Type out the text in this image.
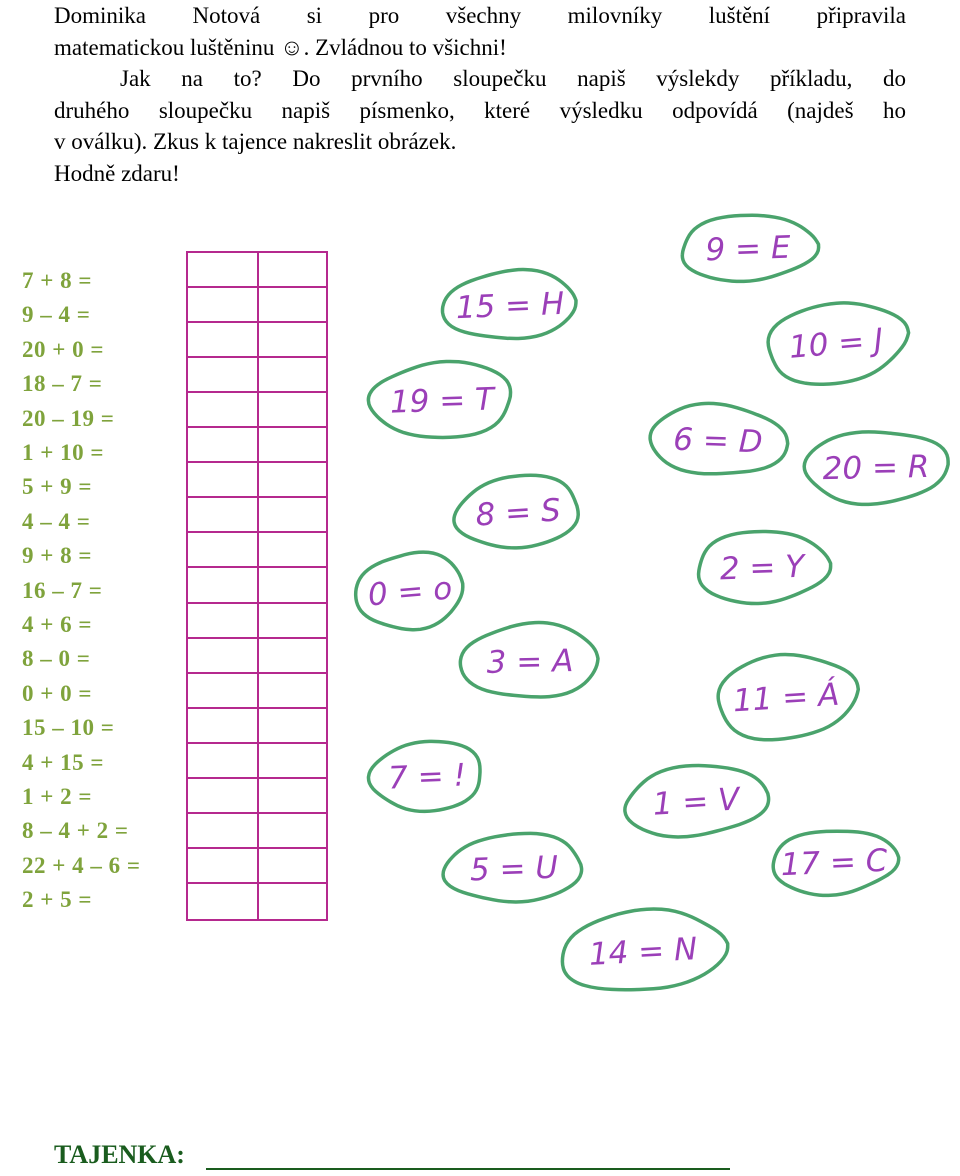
Dominika Notová si pro všechny milovníky luštění připravila
matematickou luštěninu ☺. Zvládnou to všichni!
Jak na to? Do prvního sloupečku napiš výslekdy příkladu, do
druhého sloupečku napiš písmenko, které výsledku odpovídá (najdeš ho
v oválku). Zkus k tajence nakreslit obrázek.
Hodně zdaru!
7 + 8 =
9 – 4 =
20 + 0 =
18 – 7 =
20 – 19 =
1 + 10 =
5 + 9 =
4 – 4 =
9 + 8 =
16 – 7 =
4 + 6 =
8 – 0 =
0 + 0 =
15 – 10 =
4 + 15 =
1 + 2 =
8 – 4 + 2 =
22 + 4 – 6 =
2 + 5 =
9 = E
15 = H
10 = J
19 = T
6 = D
20 = R
8 = S
2 = Y
0 = o
3 = A
11 = Á
7 = !
1 = V
5 = U	17 = C
14 = N
TAJENKA:
